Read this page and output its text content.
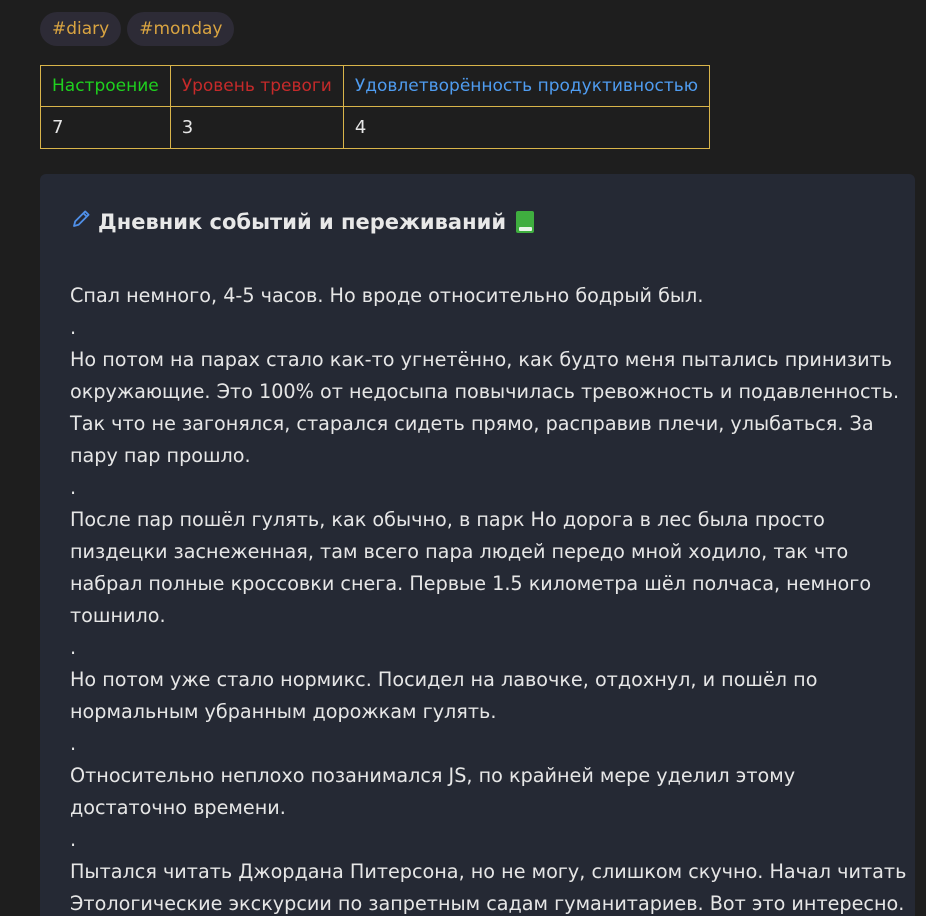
#diary	#monday
Настроение	Уровень тревоги	Удовлетворённость продуктивностью
7	3	4
Дневник событий и переживаний

Спал немного, 4-5 часов. Но вроде относительно бодрый был.

.

Но потом на парах стало как-то угнетённо, как будто меня пытались принизить окружающие. Это 100% от недосыпа повычилась тревожность и подавленность. Так что не загонялся, старался сидеть прямо, расправив плечи, улыбаться. За пару пар прошло.

.

После пар пошёл гулять, как обычно, в парк Но дорога в лес была просто пиздецки заснеженная, там всего пара людей передо мной ходило, так что набрал полные кроссовки снега. Первые 1.5 километра шёл полчаса, немного тошнило.

.

Но потом уже стало нормикс. Посидел на лавочке, отдохнул, и пошёл по нормальным убранным дорожкам гулять.

.

Относительно неплохо позанимался JS, по крайней мере уделил этому достаточно времени.

.

Пытался читать Джордана Питерсона, но не могу, слишком скучно. Начал читать Этологические экскурсии по запретным садам гуманитариев. Вот это интересно.
